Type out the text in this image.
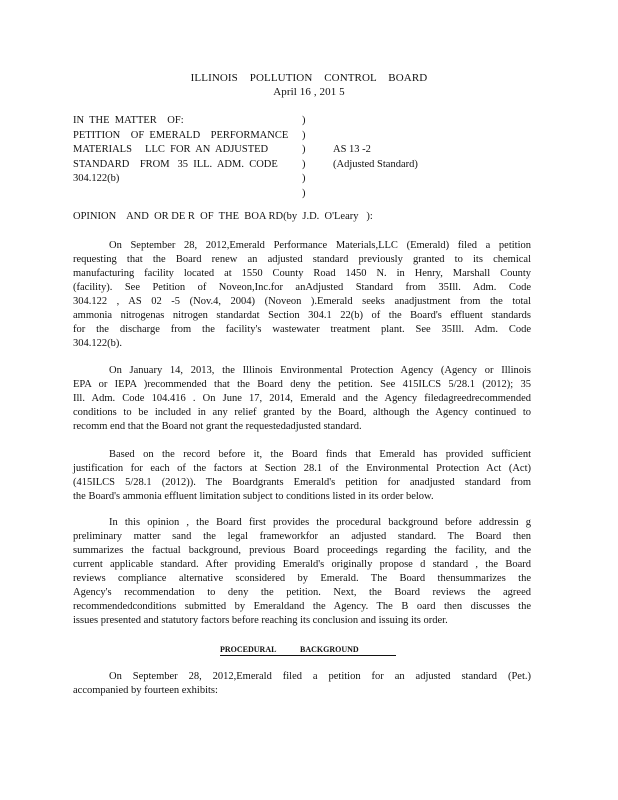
ILLINOIS POLLUTION CONTROL BOARD
April 16 , 201 5
IN  THE  MATTER    OF:
PETITION    OF  EMERALD    PERFORMANCE
MATERIALS     LLC  FOR  AN  ADJUSTED
STANDARD    FROM   35  ILL.  ADM.  CODE
304.122(b)
)
)
)
)
)
)
AS 13 -2
(Adjusted Standard)
OPINION    AND  OR DE R  OF  THE  BOA RD(by  J.D.  O'Leary   ):
On September 28, 2012,Emerald Performance Materials,LLC (Emerald) filed a petition
requesting that the Board renew an adjusted standard previously granted to its chemical
manufacturing facility located at 1550 County Road 1450 N. in Henry, Marshall County
(facility). See Petition of Noveon,Inc.for anAdjusted Standard from 35Ill. Adm. Code
304.122 , AS 02 -5 (Nov.4, 2004) (Noveon ).Emerald seeks anadjustment from the total
ammonia nitrogenas nitrogen standardat Section 304.1 22(b) of the Board's effluent standards
for the discharge from the facility's wastewater treatment plant. See 35Ill. Adm. Code
304.122(b).
On January 14, 2013, the Illinois Environmental Protection Agency (Agency or Illinois
EPA or IEPA )recommended that the Board deny the petition. See 415ILCS 5/28.1 (2012); 35
Ill. Adm. Code 104.416 . On June 17, 2014, Emerald and the Agency filedagreedrecommended
conditions to be included in any relief granted by the Board, although the Agency continued to
recomm end that the Board not grant the requestedadjusted standard.
Based on the record before it, the Board finds that Emerald has provided sufficient
justification for each of the factors at Section 28.1 of the Environmental Protection Act (Act)
(415ILCS 5/28.1 (2012)). The Boardgrants Emerald's petition for anadjusted standard from
the Board's ammonia effluent limitation subject to conditions listed in its order below.
In this opinion , the Board first provides the procedural background before addressin g
preliminary matter sand the legal frameworkfor an adjusted standard. The Board then
summarizes the factual background, previous Board proceedings regarding the facility, and the
current applicable standard. After providing Emerald's originally propose d standard , the Board
reviews compliance alternative sconsidered by Emerald. The Board thensummarizes the
Agency's recommendation to deny the petition. Next, the Board reviews the agreed
recommendedconditions submitted by Emeraldand the Agency. The B oard then discusses the
issues presented and statutory factors before reaching its conclusion and issuing its order.
PROCEDURAL            BACKGROUND
On September 28, 2012,Emerald filed a petition for an adjusted standard (Pet.)
accompanied by fourteen exhibits:
